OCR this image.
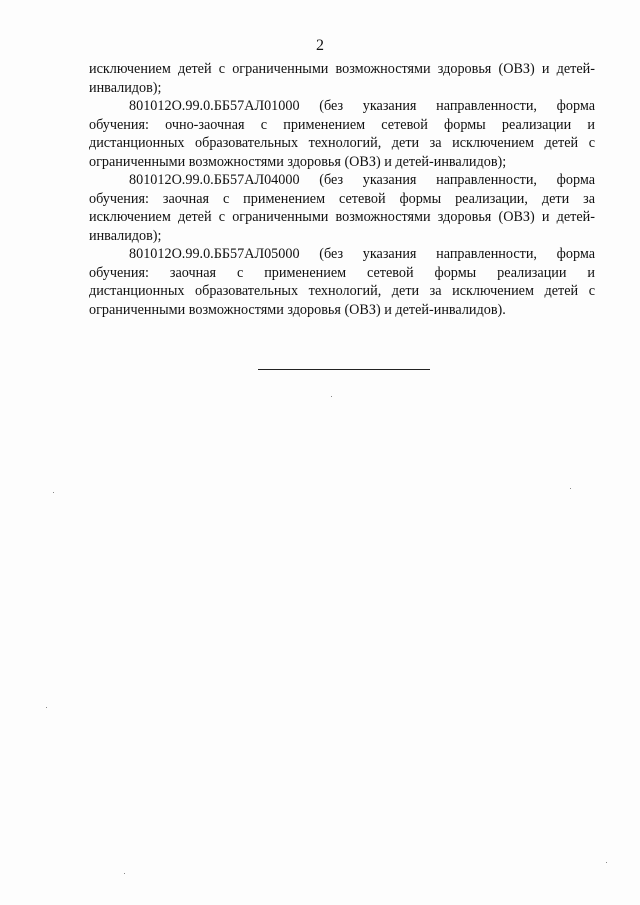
2
исключением детей с ограниченными возможностями здоровья (ОВЗ) и детей-
инвалидов);
801012О.99.0.ББ57АЛ01000 (без указания направленности, форма
обучения: очно-заочная с применением сетевой формы реализации и
дистанционных образовательных технологий, дети за исключением детей с
ограниченными возможностями здоровья (ОВЗ) и детей-инвалидов);
801012О.99.0.ББ57АЛ04000 (без указания направленности, форма
обучения: заочная с применением сетевой формы реализации, дети за
исключением детей с ограниченными возможностями здоровья (ОВЗ) и детей-
инвалидов);
801012О.99.0.ББ57АЛ05000 (без указания направленности, форма
обучения: заочная с применением сетевой формы реализации и
дистанционных образовательных технологий, дети за исключением детей с
ограниченными возможностями здоровья (ОВЗ) и детей-инвалидов).
